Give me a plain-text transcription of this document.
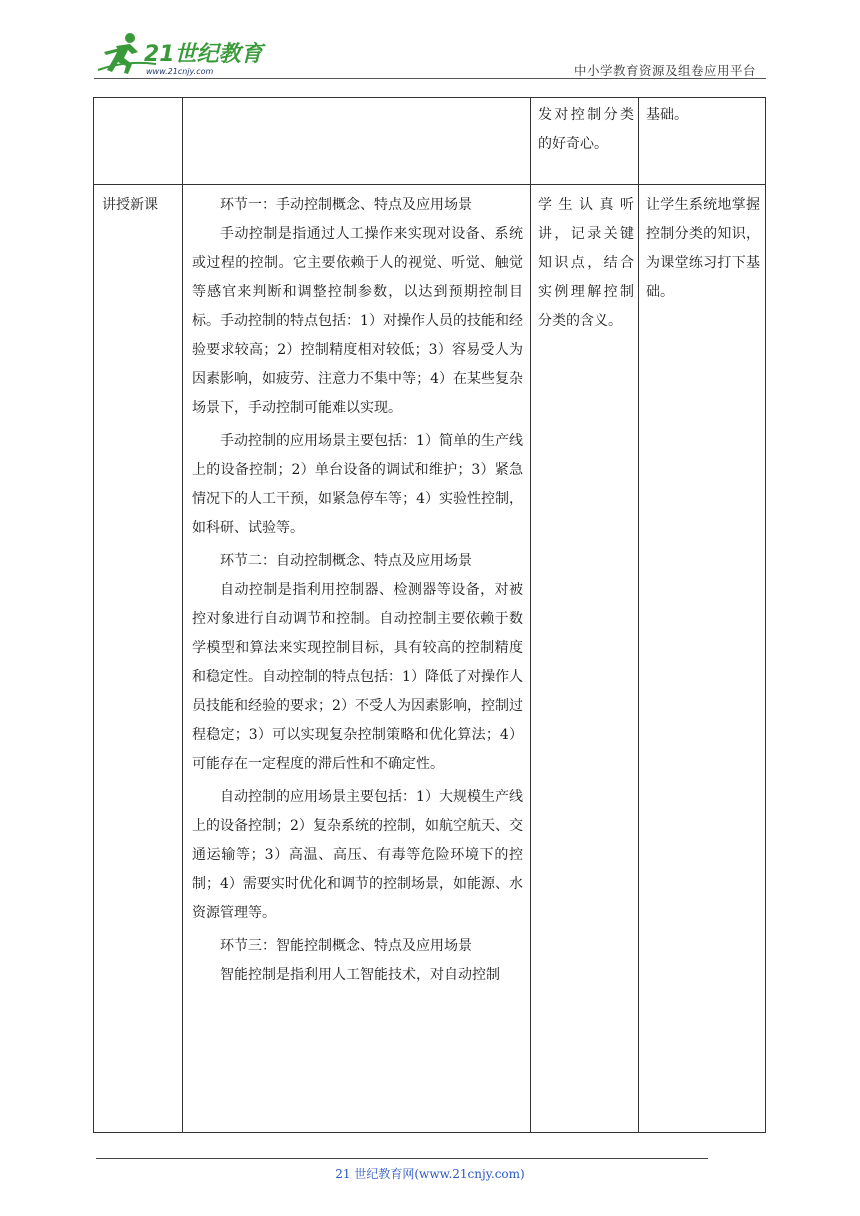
21世纪教育
www.21cnjy.com	中小学教育资源及组卷应用平台
发对控制分类的好奇心。
基础。
讲授新课	环节一：手动控制概念、特点及应用场景

手动控制是指通过人工操作来实现对设备、系统或过程的控制。它主要依赖于人的视觉、听觉、触觉等感官来判断和调整控制参数，以达到预期控制目标。手动控制的特点包括：1）对操作人员的技能和经验要求较高；2）控制精度相对较低；3）容易受人为因素影响，如疲劳、注意力不集中等；4）在某些复杂场景下，手动控制可能难以实现。

手动控制的应用场景主要包括：1）简单的生产线上的设备控制；2）单台设备的调试和维护；3）紧急情况下的人工干预，如紧急停车等；4）实验性控制，如科研、试验等。

环节二：自动控制概念、特点及应用场景

自动控制是指利用控制器、检测器等设备，对被控对象进行自动调节和控制。自动控制主要依赖于数学模型和算法来实现控制目标，具有较高的控制精度和稳定性。自动控制的特点包括：1）降低了对操作人员技能和经验的要求；2）不受人为因素影响，控制过程稳定；3）可以实现复杂控制策略和优化算法；4）可能存在一定程度的滞后性和不确定性。

自动控制的应用场景主要包括：1）大规模生产线上的设备控制；2）复杂系统的控制，如航空航天、交通运输等；3）高温、高压、有毒等危险环境下的控制；4）需要实时优化和调节的控制场景，如能源、水资源管理等。

环节三：智能控制概念、特点及应用场景

智能控制是指利用人工智能技术，对自动控制

学生认真听讲，记录关键知识点，结合实例理解控制分类的含义。
让学生系统地掌握控制分类的知识，为课堂练习打下基础。
21 世纪教育网(www.21cnjy.com)
